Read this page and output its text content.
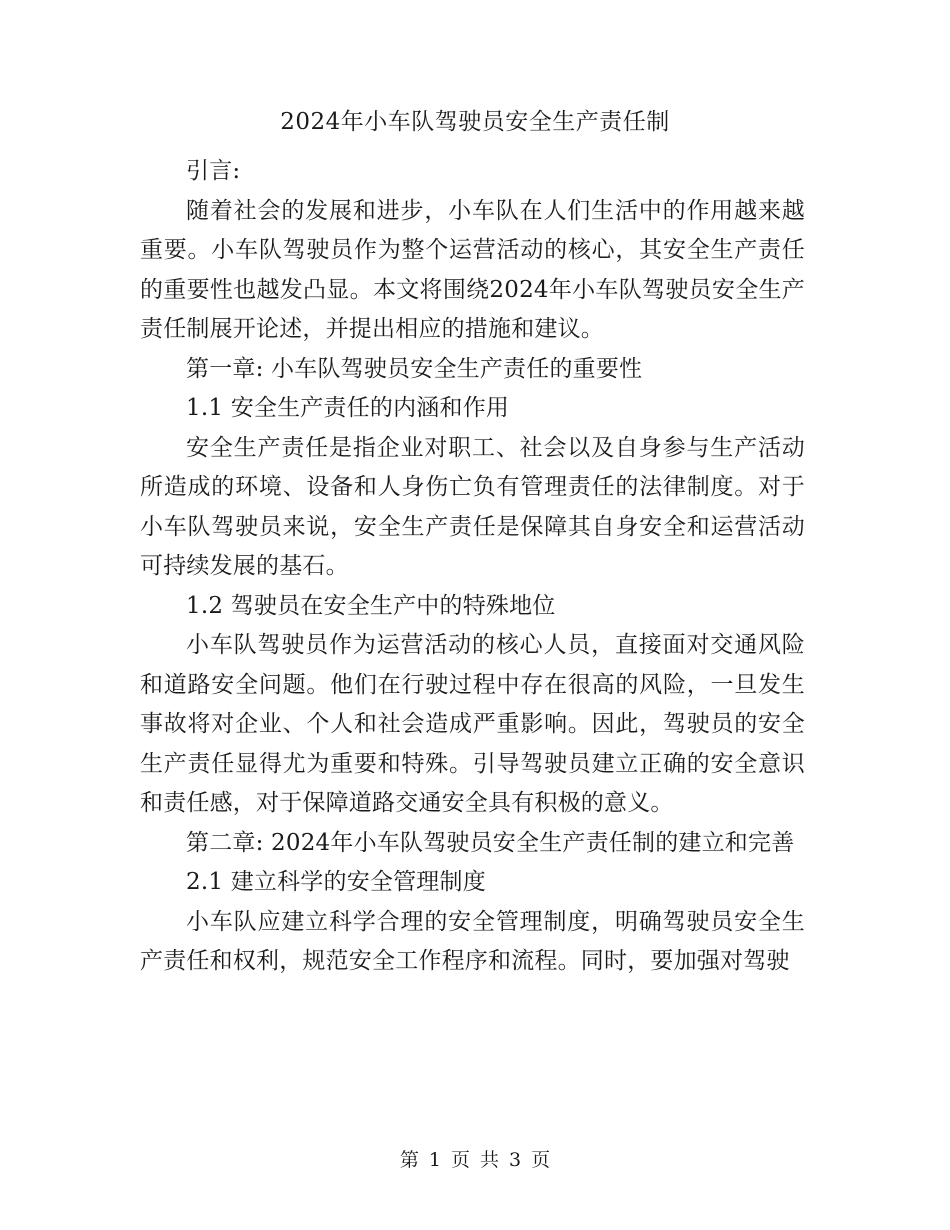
2024年小车队驾驶员安全生产责任制

引言:

随着社会的发展和进步，小车队在人们生活中的作用越来越重要。小车队驾驶员作为整个运营活动的核心，其安全生产责任的重要性也越发凸显。本文将围绕2024年小车队驾驶员安全生产责任制展开论述，并提出相应的措施和建议。

第一章: 小车队驾驶员安全生产责任的重要性

1.1 安全生产责任的内涵和作用

安全生产责任是指企业对职工、社会以及自身参与生产活动所造成的环境、设备和人身伤亡负有管理责任的法律制度。对于小车队驾驶员来说，安全生产责任是保障其自身安全和运营活动可持续发展的基石。

1.2 驾驶员在安全生产中的特殊地位

小车队驾驶员作为运营活动的核心人员，直接面对交通风险和道路安全问题。他们在行驶过程中存在很高的风险，一旦发生事故将对企业、个人和社会造成严重影响。因此，驾驶员的安全生产责任显得尤为重要和特殊。引导驾驶员建立正确的安全意识和责任感，对于保障道路交通安全具有积极的意义。

第二章: 2024年小车队驾驶员安全生产责任制的建立和完善

2.1 建立科学的安全管理制度

小车队应建立科学合理的安全管理制度，明确驾驶员安全生产责任和权利，规范安全工作程序和流程。同时，要加强对驾驶

第 1 页 共 3 页
